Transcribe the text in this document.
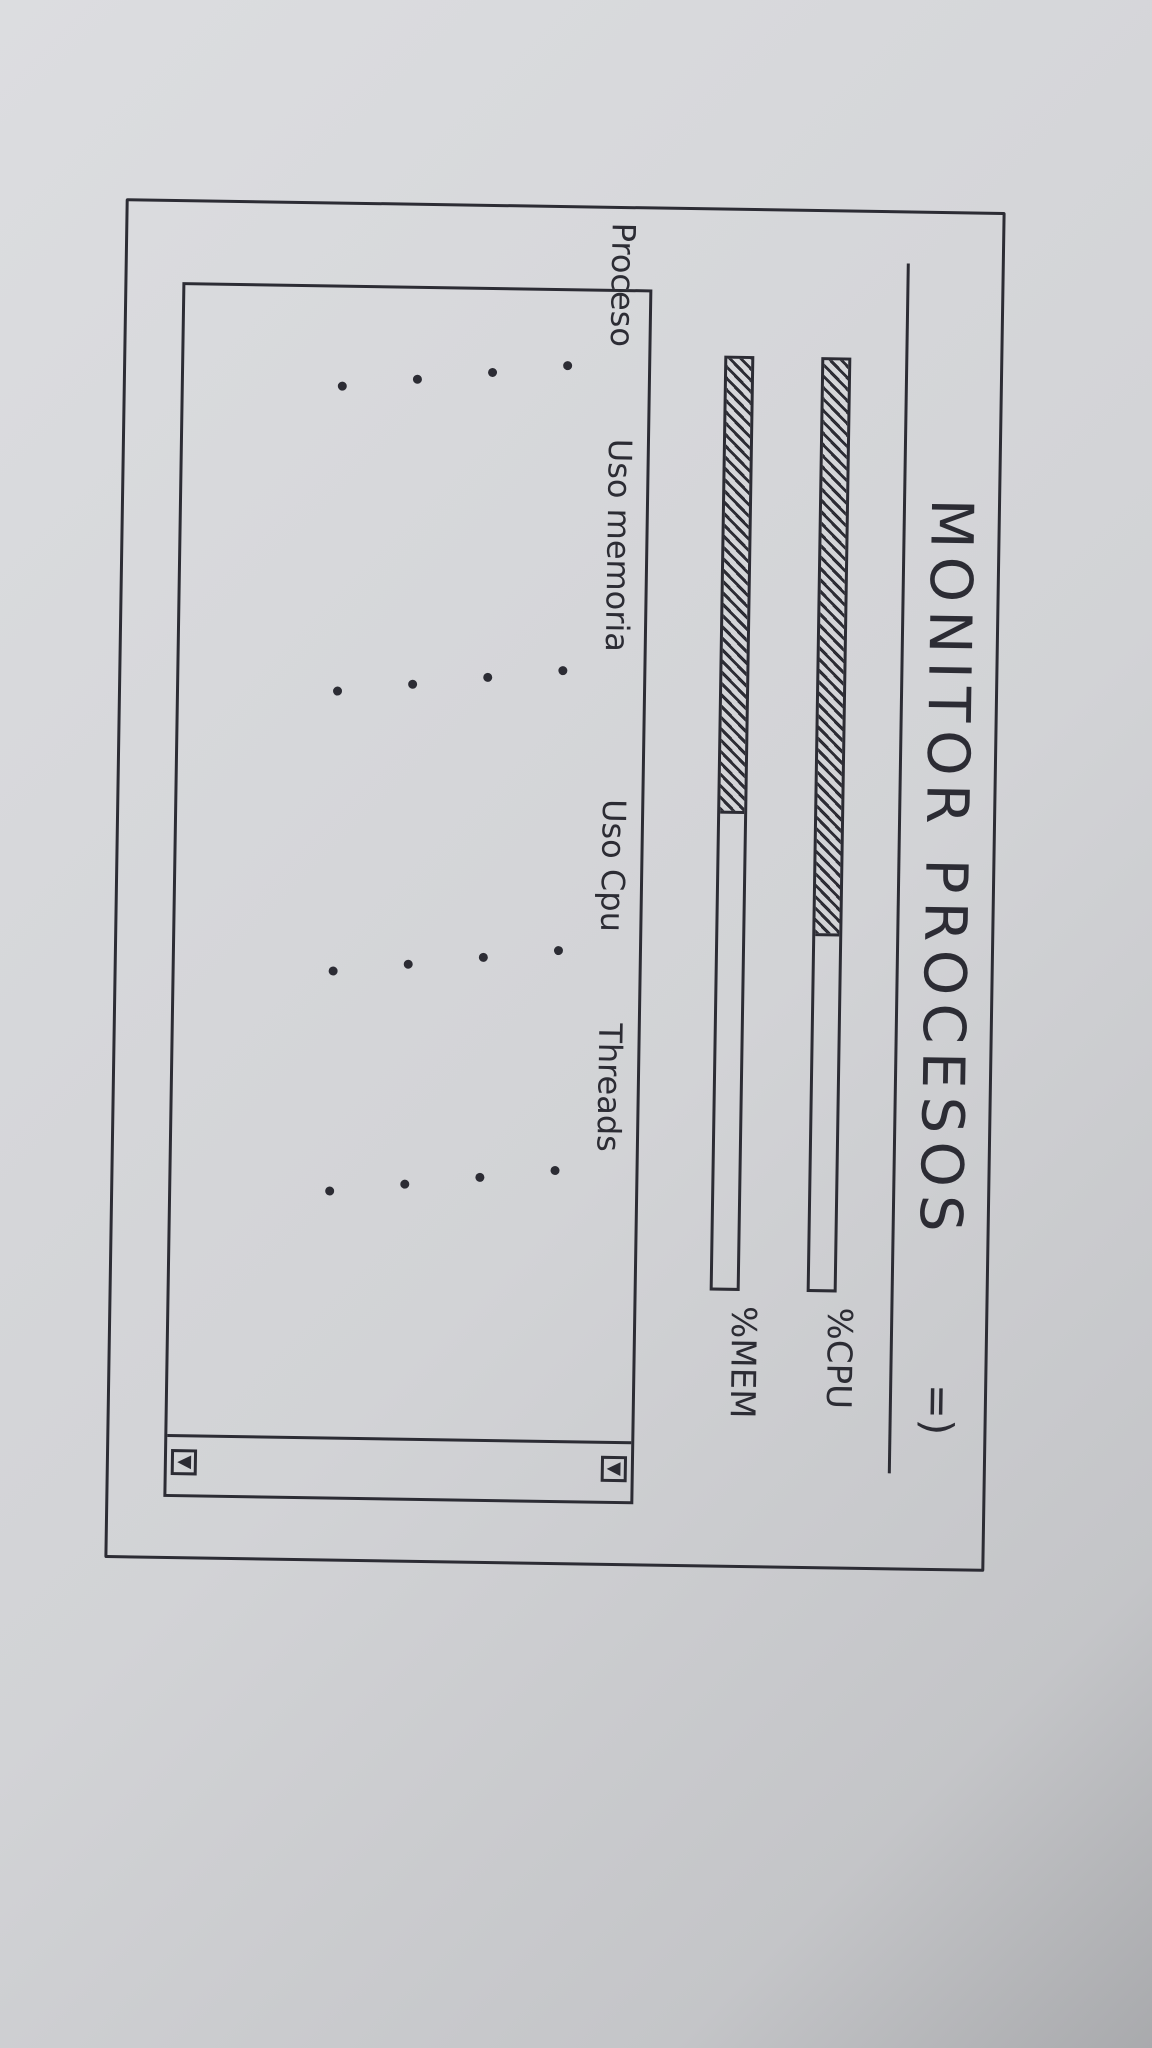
MONITOR PROCESOS
=)
%CPU
%MEM
Proceso
Uso memoria
Uso Cpu
Threads
▲	▼
